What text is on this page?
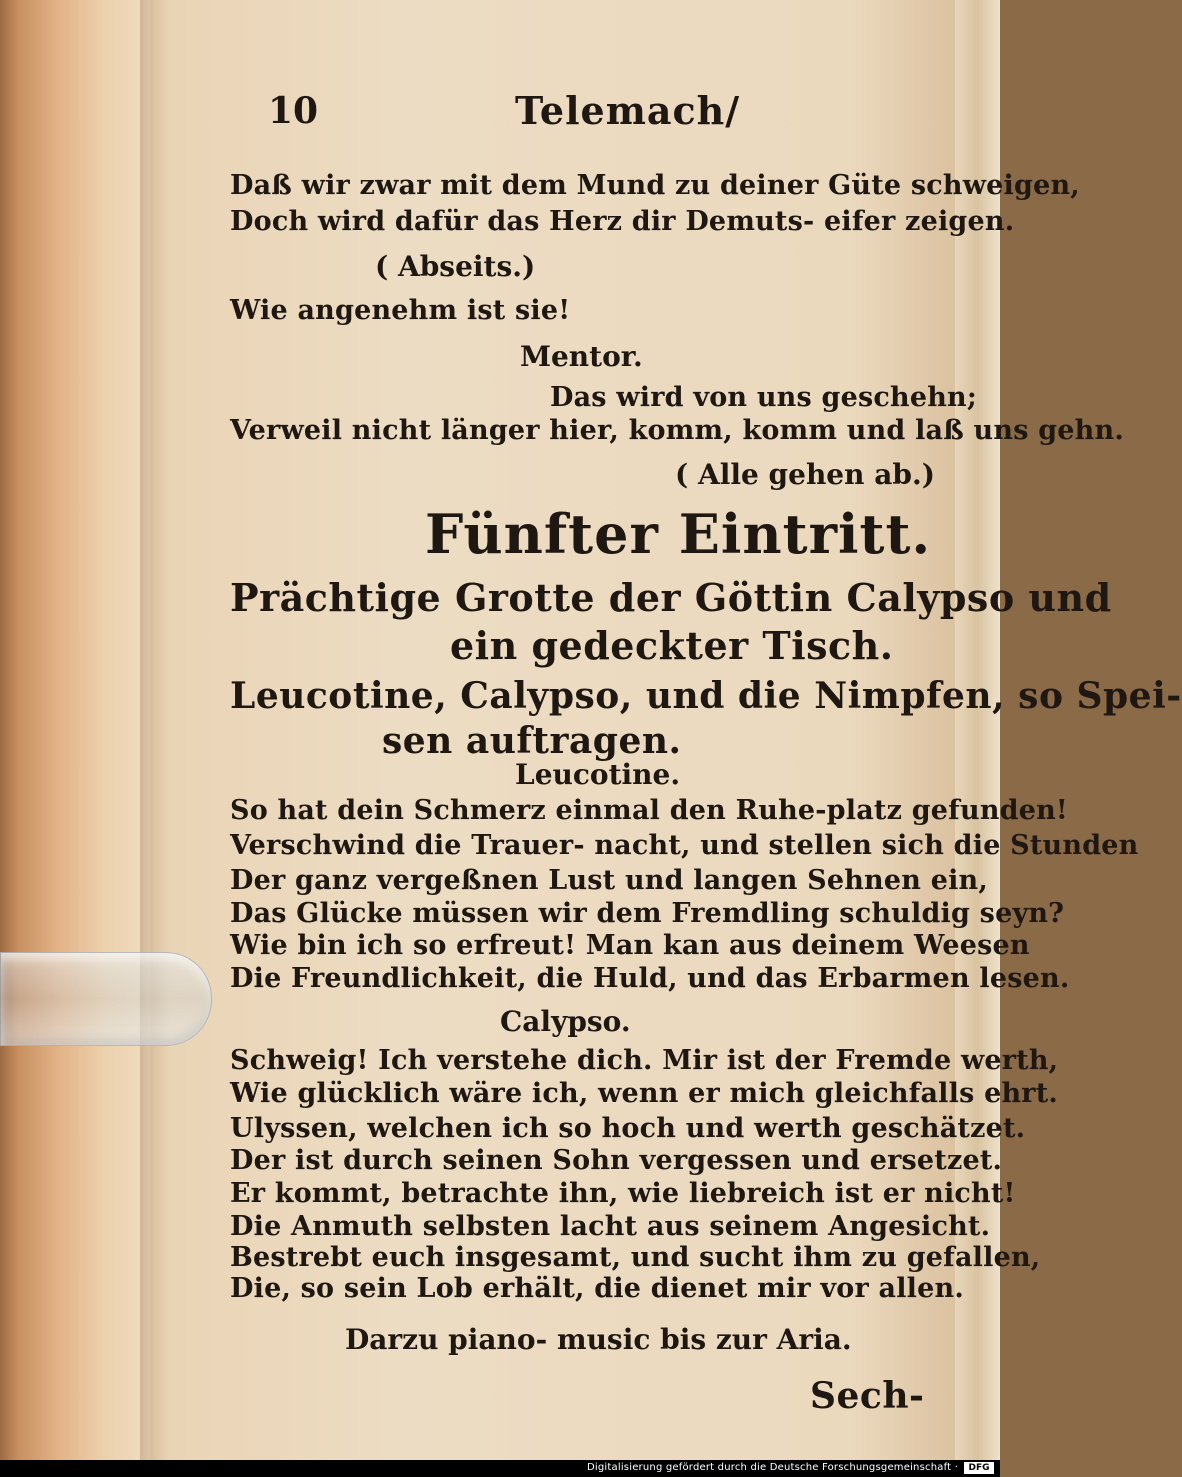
10	Telemach/
Daß wir zwar mit dem Mund zu deiner Güte schweigen,
Doch wird dafür das Herz dir Demuts- eifer zeigen.
( Abseits.)
Wie angenehm ist sie!
Mentor.
Das wird von uns geschehn;
Verweil nicht länger hier, komm, komm und laß uns gehn.
( Alle gehen ab.)
Fünfter Eintritt.
Prächtige Grotte der Göttin Calypso und
ein gedeckter Tisch.
Leucotine, Calypso, und die Nimpfen, so Spei-
sen auftragen.
Leucotine.
So hat dein Schmerz einmal den Ruhe-platz gefunden!
Verschwind die Trauer- nacht, und stellen sich die Stunden
Der ganz vergeßnen Lust und langen Sehnen ein,
Das Glücke müssen wir dem Fremdling schuldig seyn?
Wie bin ich so erfreut! Man kan aus deinem Weesen
Die Freundlichkeit, die Huld, und das Erbarmen lesen.
Calypso.
Schweig! Ich verstehe dich. Mir ist der Fremde werth,
Wie glücklich wäre ich, wenn er mich gleichfalls ehrt.
Ulyssen, welchen ich so hoch und werth geschätzet.
Der ist durch seinen Sohn vergessen und ersetzet.
Er kommt, betrachte ihn, wie liebreich ist er nicht!
Die Anmuth selbsten lacht aus seinem Angesicht.
Bestrebt euch insgesamt, und sucht ihm zu gefallen,
Die, so sein Lob erhält, die dienet mir vor allen.
Darzu piano- music bis zur Aria.
Sech-
Digitalisierung gefördert durch die Deutsche Forschungsgemeinschaft ·	DFG
